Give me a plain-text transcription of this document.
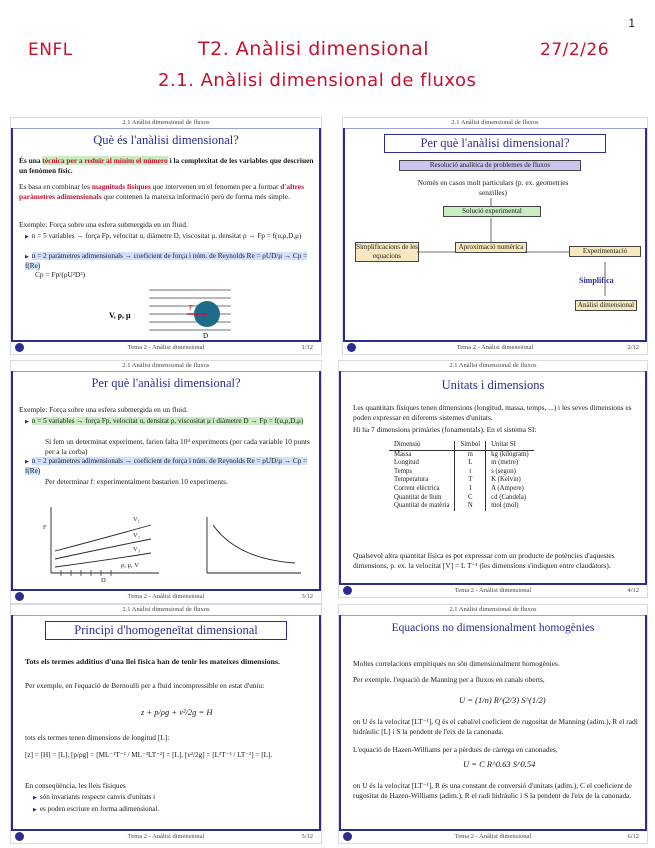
1
ENFL	T2. Anàlisi dimensional	27/2/26
2.1. Anàlisi dimensional de fluxos
2.1 Anàlisi dimensional de fluxos
Què és l'anàlisi dimensional?
És una tècnica per a reduir al mínim el número i la complexitat de les variables que descriuen un fenòmen físic.
Es basa en combinar les magnituds físiques que intervenen en el fenomen per a formar d'altres paràmetres adimensionals que contenen la mateixa informació però de forma més simple.
Exemple: Força sobre una esfera submergida en un fluid.
▶ n = 5 variables → força Fp, velocitat u, diàmetre D, viscositat μ, densitat ρ → Fp = f(u,ρ,D,μ)
▶ n = 2 paràmetres adimensionals → coeficient de força i núm. de Reynolds Re = ρUD/μ → Cp = f(Re)
Cp = Fp/(ρU²D²)
F
D
V, ρ, μ
Tema 2 - Anàlisi dimensional	1/12
2.1 Anàlisi dimensional de fluxos
Per què l'anàlisi dimensional?
Resolució analítica de problemes de fluxos
Només en casos molt particulars (p. ex. geometries senzilles)
Solució experimental
Simplificacions de les equacions
Aproximació numèrica	Experimentació
Simplifica
Anàlisi dimensional
Tema 2 - Anàlisi dimensional	2/12
2.1 Anàlisi dimensional de fluxos
Per què l'anàlisi dimensional?
Exemple: Força sobre una esfera submergida en un fluid.
▶ n = 5 variables → força Fp, velocitat u, densitat ρ, viscositat μ i diàmetre D → Fp = f(u,ρ,D,μ)
Si fem un determinat experiment, farien falta 10⁴ experiments (per cada variable 10 punts per a la corba)
▶ n = 2 paràmetres adimensionals → coeficient de força i núm. de Reynolds Re = ρUD/μ → Cp = f(Re)
Per determinar f: experimentalment bastarien 10 experiments.
V₁
V₂
V₃
F
D
ρ, μ, V
Tema 2 - Anàlisi dimensional	3/12
2.1 Anàlisi dimensional de fluxos
Unitats i dimensions
Les quantitats físiques tenen dimensions (longitud, massa, temps, ...) i les seves dimensions es poden expressar en diferents sistemes d'unitats.
Hi ha 7 dimensions primàries (fonamentals). En el sistema SI:
Dimensió	Símbol	Unitat SI
Massa	m	kg (kilogram)
Longitud	L	m (metre)
Temps	t	s (segon)
Temperatura	T	K (Kelvin)
Corrent elèctrica	I	A (Ampere)
Quantitat de llum	C	cd (Candela)
Quantitat de matèria	N	mol (mol)
Qualsevol altra quantitat física es pot expressar com un producte de potències d'aquestes dimensions, p. ex. la velocitat [V] = L T⁻¹ (les dimensions s'indiquen entre claudàtors).
Tema 2 - Anàlisi dimensional	4/12
2.1 Anàlisi dimensional de fluxos
Principi d'homogeneïtat dimensional
Tots els termes additius d'una llei física han de tenir les mateixes dimensions.
Per exemple, en l'equació de Bernoulli per a fluid incompressible en estat d'uniu:
z + p/ρg + v²/2g = H
tots els termes tenen dimensions de longitud [L]:
[z] = [H] = [L], [p/ρg] = [ML⁻¹T⁻² / ML⁻³LT⁻²] = [L], [v²/2g] = [L²T⁻² / LT⁻²] = [L].
En conseqüència, les lleis físiques
▶ són invariants respecte canvis d'unitats i
▶ es poden escriure en forma adimensional.
Tema 2 - Anàlisi dimensional	5/12
2.1 Anàlisi dimensional de fluxos
Equacions no dimensionalment homogènies
Moltes correlacions empíriques no són dimensionalment homogènies.
Per exemple, l'equació de Manning per a fluxos en canals oberts,
U = (1/n) R^(2/3) S^(1/2)
on U és la velocitat [LT⁻¹], Q és el cabal/el coeficient de rugositat de Manning (adim.), R el radi hidràulic [L] i S la pendent de l'eix de la canonada.
L'equació de Hazen-Williams per a pèrdues de càrrega en canonades,
U = C R^0.63 S^0.54
on U és la velocitat [LT⁻¹], R és una constant de conversió d'unitats (adim.), C el coeficient de rugositat de Hazen-Williams (adim.), R el radi hidràulic i S la pendent de l'eix de la canonada.
Tema 2 - Anàlisi dimensional	6/12
